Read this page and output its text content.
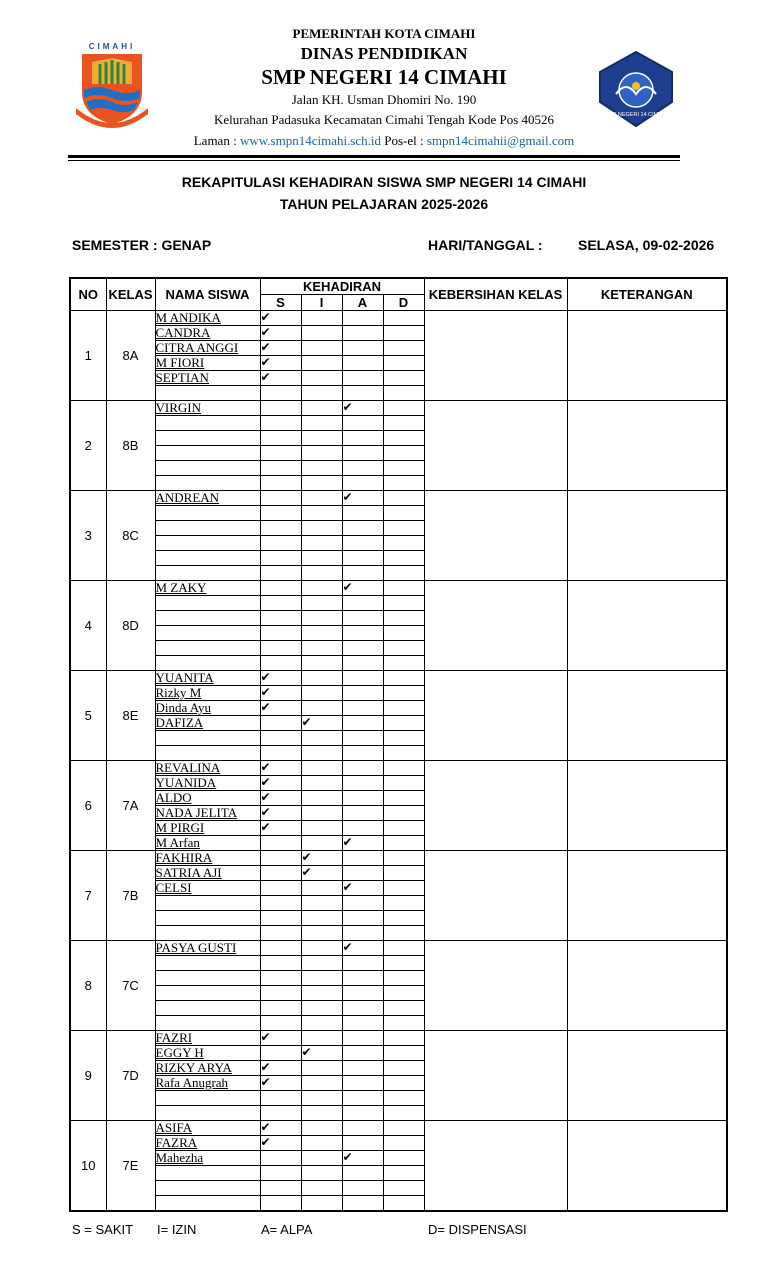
CIMAHI
PEMERINTAH KOTA CIMAHI
DINAS PENDIDIKAN
SMP NEGERI 14 CIMAHI
Jalan KH. Usman Dhomiri No. 190
Kelurahan Padasuka Kecamatan Cimahi Tengah Kode Pos 40526
Laman : www.smpn14cimahi.sch.id Pos-el : smpn14cimahii@gmail.com
SMP NEGERI 14 CIMAHI
REKAPITULASI KEHADIRAN SISWA SMP NEGERI 14 CIMAHI
TAHUN PELAJARAN 2025-2026
SEMESTER : GENAP	HARI/TANGGAL :	SELASA, 09-02-2026
NO	KELAS	NAMA SISWA	KEHADIRAN				KEBERSIHAN KELAS	KETERANGAN
			S	I	A	D		
1	8A	M ANDIKA	✔					
		CANDRA	✔					
		CITRA ANGGI	✔					
		M FIORI	✔					
		SEPTIAN	✔					

2	8B	VIRGIN			✔			

3	8C	ANDREAN			✔			

4	8D	M ZAKY			✔			

5	8E	YUANITA	✔					
		Rizky M	✔					
		Dinda Ayu	✔					
		DAFIZA		✔				

6	7A	REVALINA	✔					
		YUANIDA	✔					
		ALDO	✔					
		NADA JELITA	✔					
		M PIRGI	✔					
		M Arfan			✔			
7	7B	FAKHIRA		✔				
		SATRIA AJI		✔				
		CELSI			✔			

8	7C	PASYA GUSTI			✔			

9	7D	FAZRI	✔					
		EGGY H		✔				
		RIZKY ARYA	✔					
		Rafa Anugrah	✔					

10	7E	ASIFA	✔					
		FAZRA	✔					
		Mahezha			✔			

S = SAKIT I= IZIN	A= ALPA	D= DISPENSASI
